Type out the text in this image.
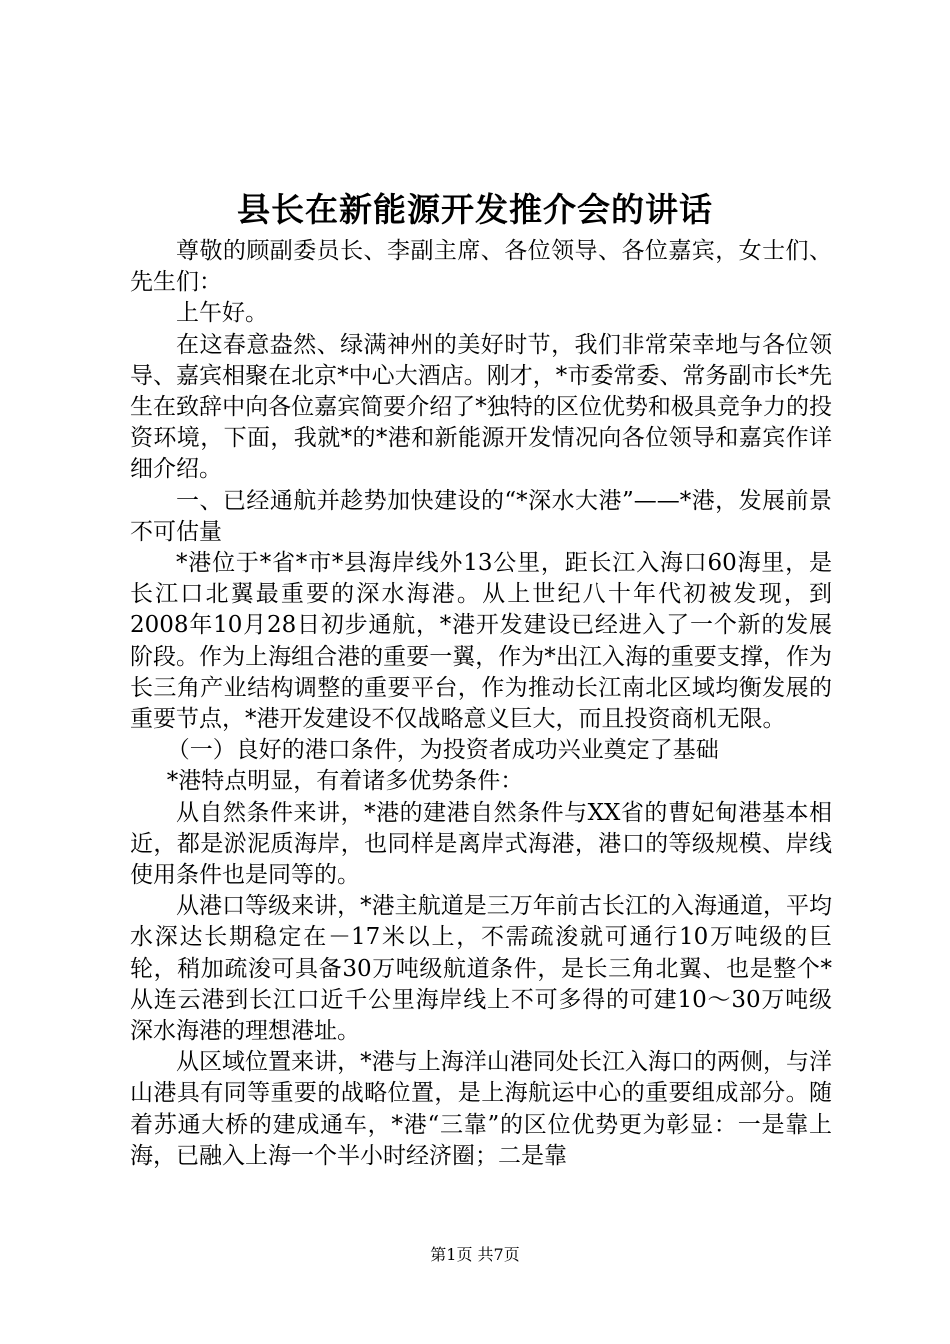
县长在新能源开发推介会的讲话

尊敬的顾副委员长、李副主席、各位领导、各位嘉宾，女士们、先生们：

上午好。

在这春意盎然、绿满神州的美好时节，我们非常荣幸地与各位领导、嘉宾相聚在北京*中心大酒店。刚才，*市委常委、常务副市长*先生在致辞中向各位嘉宾简要介绍了*独特的区位优势和极具竞争力的投资环境，下面，我就*的*港和新能源开发情况向各位领导和嘉宾作详细介绍。

一、已经通航并趁势加快建设的“*深水大港”——*港，发展前景不可估量

*港位于*省*市*县海岸线外13公里，距长江入海口60海里，是长江口北翼最重要的深水海港。从上世纪八十年代初被发现，到2008年10月28日初步通航，*港开发建设已经进入了一个新的发展阶段。作为上海组合港的重要一翼，作为*出江入海的重要支撑，作为长三角产业结构调整的重要平台，作为推动长江南北区域均衡发展的重要节点，*港开发建设不仅战略意义巨大，而且投资商机无限。

（一）良好的港口条件，为投资者成功兴业奠定了基础

*港特点明显，有着诸多优势条件：

从自然条件来讲，*港的建港自然条件与XX省的曹妃甸港基本相近，都是淤泥质海岸，也同样是离岸式海港，港口的等级规模、岸线使用条件也是同等的。

从港口等级来讲，*港主航道是三万年前古长江的入海通道，平均水深达长期稳定在－17米以上，不需疏浚就可通行10万吨级的巨轮，稍加疏浚可具备30万吨级航道条件，是长三角北翼、也是整个*从连云港到长江口近千公里海岸线上不可多得的可建10～30万吨级深水海港的理想港址。

从区域位置来讲，*港与上海洋山港同处长江入海口的两侧，与洋山港具有同等重要的战略位置，是上海航运中心的重要组成部分。随着苏通大桥的建成通车，*港“三靠”的区位优势更为彰显：一是靠上海，已融入上海一个半小时经济圈；二是靠

第1页 共7页
